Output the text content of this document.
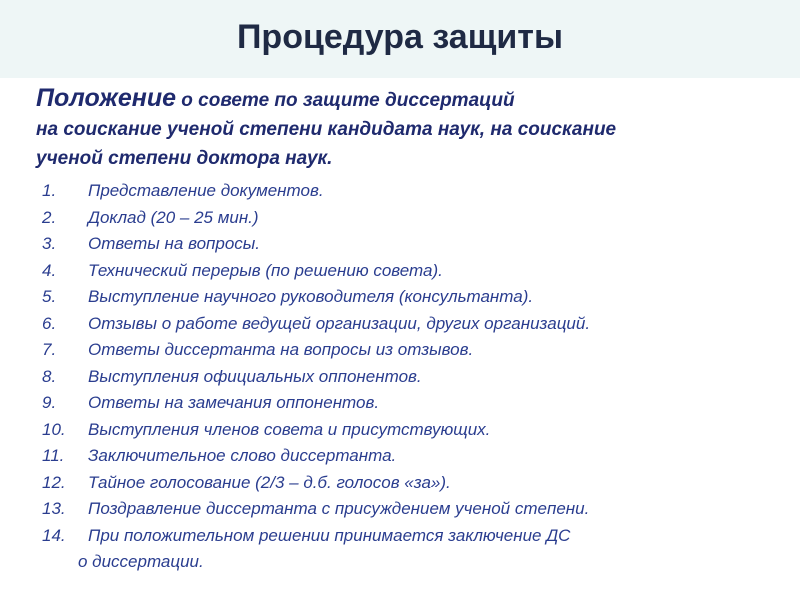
Процедура защиты
Положение о совете по защите диссертаций
на соискание ученой степени кандидата наук, на соискание
ученой степени доктора наук.
1. Представление документов.
2. Доклад (20 – 25 мин.)
3. Ответы на вопросы.
4. Технический перерыв (по решению совета).
5. Выступление научного руководителя (консультанта).
6. Отзывы о работе ведущей организации, других организаций.
7. Ответы диссертанта на вопросы из отзывов.
8. Выступления официальных оппонентов.
9. Ответы на замечания оппонентов.
10. Выступления членов совета и присутствующих.
11. Заключительное слово диссертанта.
12. Тайное голосование (2/3 – д.б. голосов «за»).
13. Поздравление диссертанта с присуждением ученой степени.
14. При положительном решении принимается заключение ДС
о диссертации.
